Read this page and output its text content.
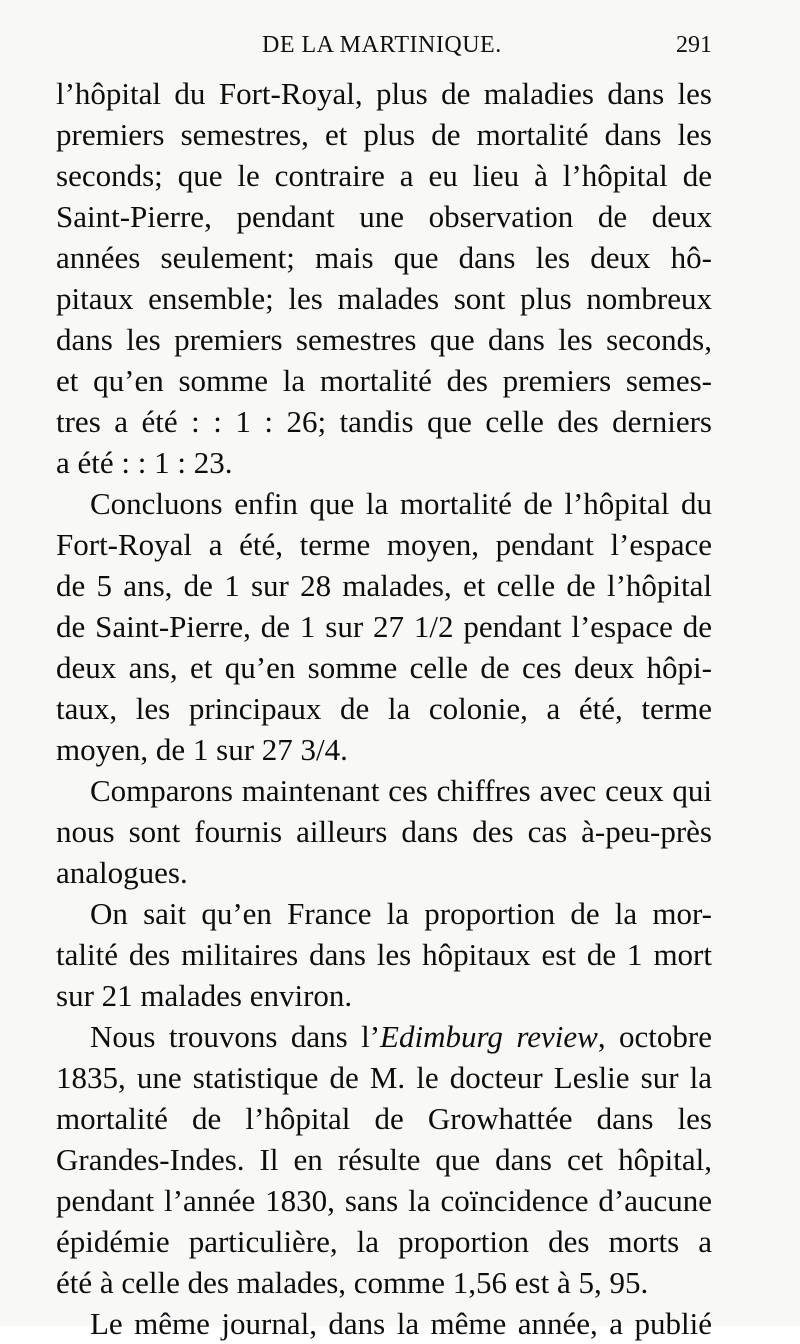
DE LA MARTINIQUE.	291
l’hôpital du Fort-Royal, plus de maladies dans les
premiers semestres, et plus de mortalité dans les
seconds; que le contraire a eu lieu à l’hôpital de
Saint-Pierre, pendant une observation de deux
années seulement; mais que dans les deux hô-
pitaux ensemble; les malades sont plus nombreux
dans les premiers semestres que dans les seconds,
et qu’en somme la mortalité des premiers semes-
tres a été : : 1 : 26; tandis que celle des derniers
a été : : 1 : 23.
Concluons enfin que la mortalité de l’hôpital du
Fort-Royal a été, terme moyen, pendant l’espace
de 5 ans, de 1 sur 28 malades, et celle de l’hôpital
de Saint-Pierre, de 1 sur 27 1/2 pendant l’espace de
deux ans, et qu’en somme celle de ces deux hôpi-
taux, les principaux de la colonie, a été, terme
moyen, de 1 sur 27 3/4.
Comparons maintenant ces chiffres avec ceux qui
nous sont fournis ailleurs dans des cas à-peu-près
analogues.
On sait qu’en France la proportion de la mor-
talité des militaires dans les hôpitaux est de 1 mort
sur 21 malades environ.
Nous trouvons dans l’Edimburg review, octobre
1835, une statistique de M. le docteur Leslie sur la
mortalité de l’hôpital de Growhattée dans les
Grandes-Indes. Il en résulte que dans cet hôpital,
pendant l’année 1830, sans la coïncidence d’aucune
épidémie particulière, la proportion des morts a
été à celle des malades, comme 1,56 est à 5, 95.
Le même journal, dans la même année, a publié
